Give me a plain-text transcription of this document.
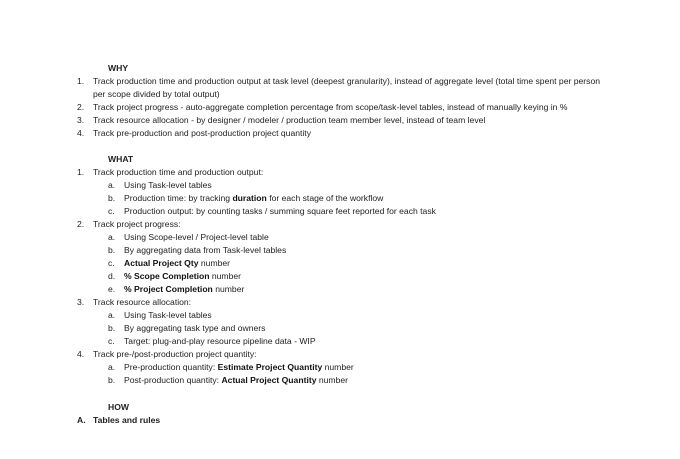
WHY
1. Track production time and production output at task level (deepest granularity), instead of aggregate level (total time spent per person
per scope divided by total output)
2. Track project progress - auto-aggregate completion percentage from scope/task-level tables, instead of manually keying in %
3. Track resource allocation - by designer / modeler / production team member level, instead of team level
4. Track pre-production and post-production project quantity
WHAT
1. Track production time and production output:
a. Using Task-level tables
b. Production time: by tracking duration for each stage of the workflow
c. Production output: by counting tasks / summing square feet reported for each task
2. Track project progress:
a. Using Scope-level / Project-level table
b. By aggregating data from Task-level tables
c. Actual Project Qty number
d. % Scope Completion number
e. % Project Completion number
3. Track resource allocation:
a. Using Task-level tables
b. By aggregating task type and owners
c. Target: plug-and-play resource pipeline data - WIP
4. Track pre-/post-production project quantity:
a. Pre-production quantity: Estimate Project Quantity number
b. Post-production quantity: Actual Project Quantity number
HOW
A. Tables and rules
